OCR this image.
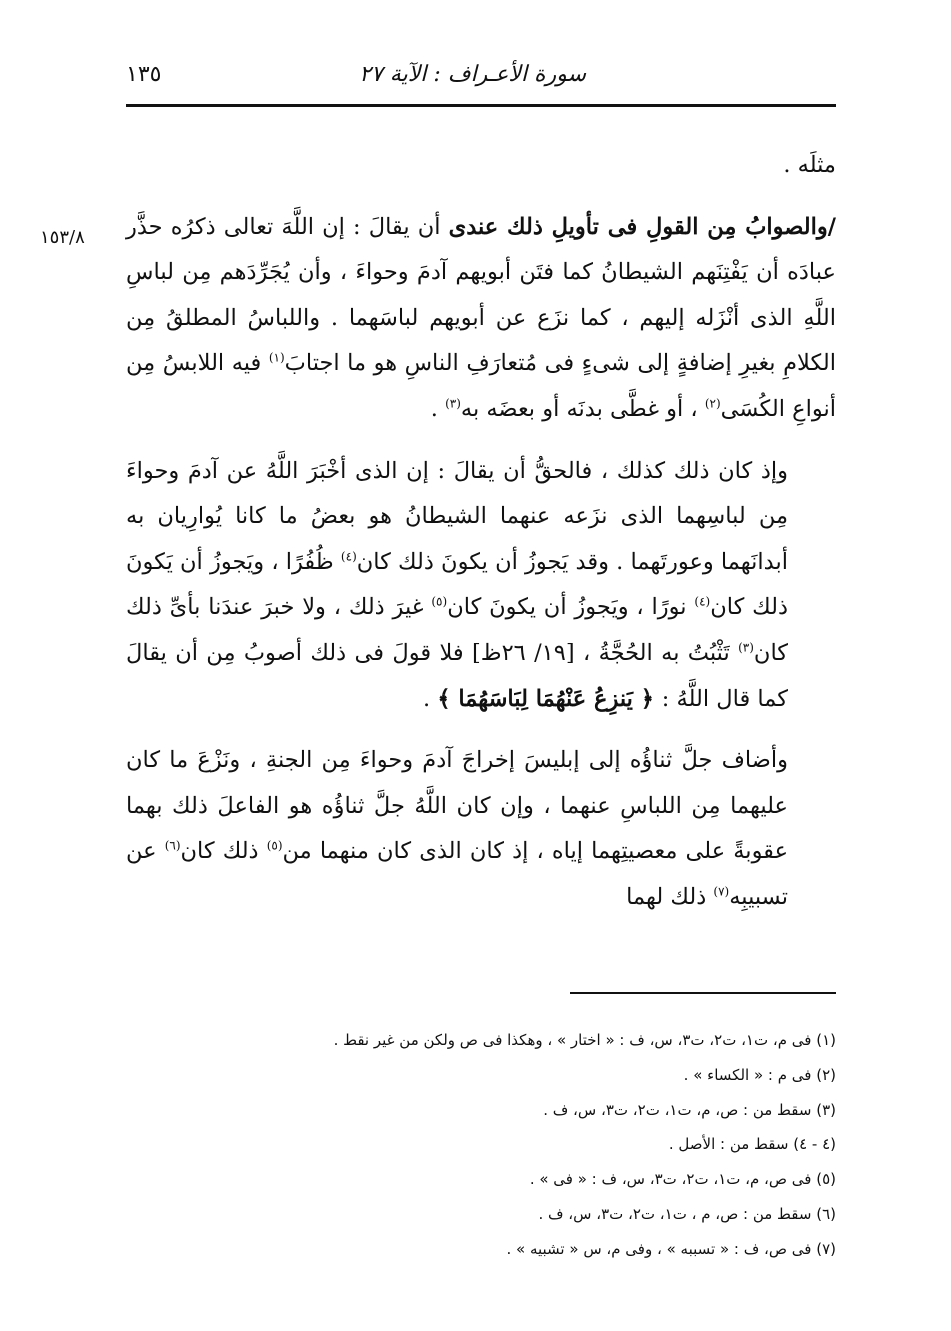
سورة الأعـراف : الآية ٢٧
١٣٥
١٥٣/٨

مثلَه .

/والصوابُ مِن القولِ فى تأويلِ ذلك عندى أن يقالَ : إن اللَّهَ تعالى ذكرُه حذَّر عبادَه أن يَفْتِنَهم الشيطانُ كما فتَن أبويهم آدمَ وحواءَ ، وأن يُجَرِّدَهم مِن لباسِ اللَّهِ الذى أنْزَله إليهم ، كما نزَع عن أبويهم لباسَهما . واللباسُ المطلقُ مِن الكلامِ بغيرِ إضافةٍ إلى شىءٍ فى مُتعارَفِ الناسِ هو ما اجتابَ$^{(١)}$ فيه اللابسُ مِن أنواعِ الكُسَى$^{(٢)}$ ، أو غطَّى بدنَه أو بعضَه به$^{(٣)}$ .

وإذ كان ذلك كذلك ، فالحقُّ أن يقالَ : إن الذى أخْبَرَ اللَّهُ عن آدمَ وحواءَ مِن لباسِهما الذى نزَعه عنهما الشيطانُ هو بعضُ ما كانا يُوارِيان به أبدانَهما وعورتَهما . وقد يَجوزُ أن يكونَ ذلك كان$^{(٤)}$ ظُفُرًا ، ويَجوزُ أن يَكونَ ذلك كان$^{(٤)}$ نورًا ، ويَجوزُ أن يكونَ كان$^{(٥)}$ غيرَ ذلك ، ولا خبرَ عندَنا بأىِّ ذلك كان$^{(٣)}$ تَثْبُتُ به الحُجَّةُ ، [١٩/ ٢٦ظ] فلا قولَ فى ذلك أصوبُ مِن أن يقالَ كما قال اللَّهُ : ﴿ يَنزِعُ عَنْهُمَا لِبَاسَهُمَا ﴾ .

وأضاف جلَّ ثناؤُه إلى إبليسَ إخراجَ آدمَ وحواءَ مِن الجنةِ ، ونَزْعَ ما كان عليهما مِن اللباسِ عنهما ، وإن كان اللَّهُ جلَّ ثناؤُه هو الفاعلَ ذلك بهما عقوبةً على معصيتِهما إياه ، إذ كان الذى كان منهما من$^{(٥)}$ ذلك كان$^{(٦)}$ عن تسبيبِه$^{(٧)}$ ذلك لهما

(١) فى م، ت١، ت٢، ت٣، س، ف : « اختار » ، وهكذا فى ص ولكن من غير نقط .
(٢) فى م : « الكساء » .
(٣) سقط من : ص، م، ت١، ت٢، ت٣، س، ف .
(٤ - ٤) سقط من : الأصل .
(٥) فى ص، م، ت١، ت٢، ت٣، س، ف : « فى » .
(٦) سقط من : ص، م ، ت١، ت٢، ت٣، س، ف .
(٧) فى ص، ف : « تسببه » ، وفى م، س « تشبيه » .
